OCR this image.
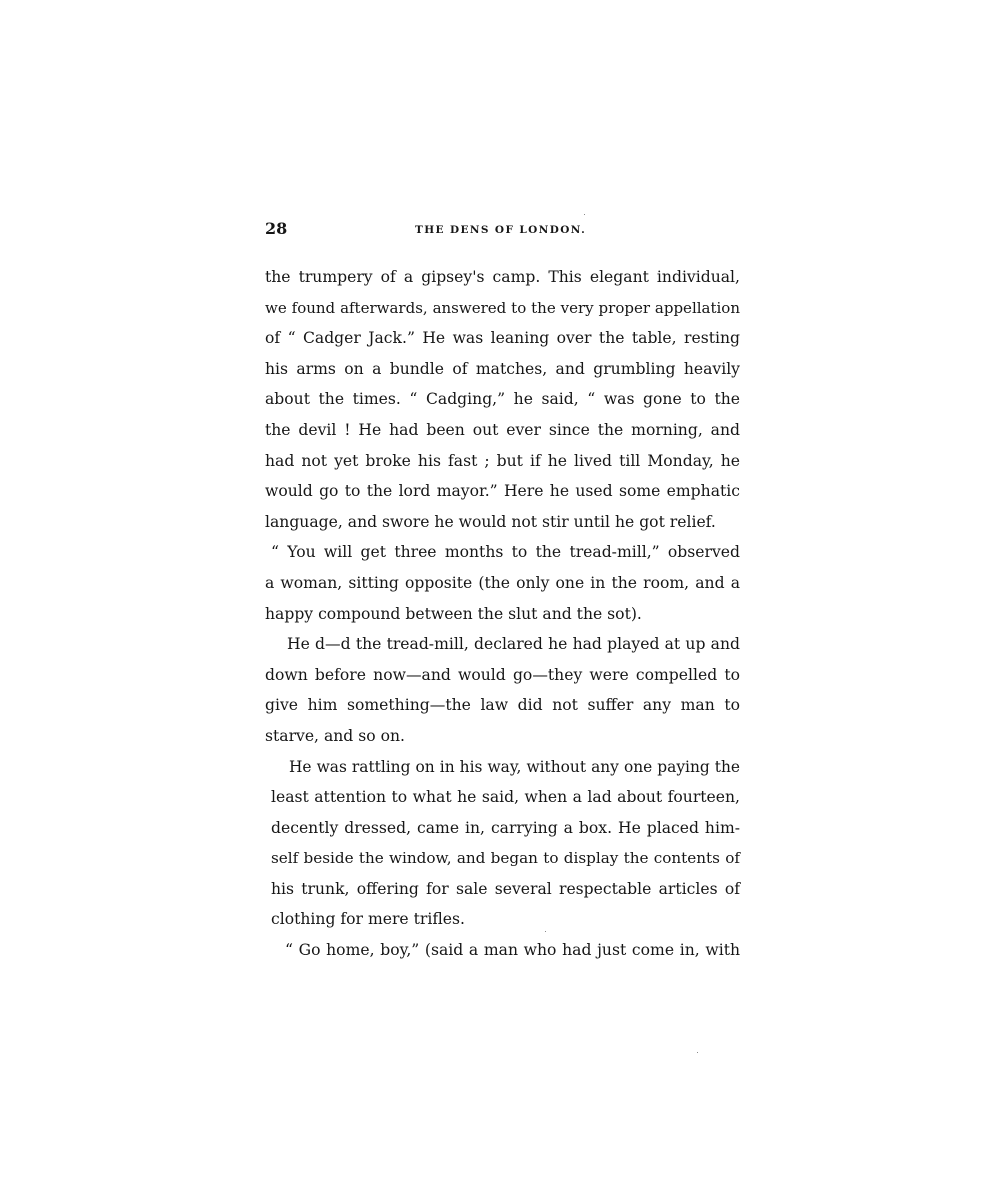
28	THE DENS OF LONDON.
the trumpery of a gipsey's camp. This elegant individual,
we found afterwards, answered to the very proper appellation
of “ Cadger Jack.” He was leaning over the table, resting
his arms on a bundle of matches, and grumbling heavily
about the times. “ Cadging,” he said, “ was gone to the
the devil ! He had been out ever since the morning, and
had not yet broke his fast ; but if he lived till Monday, he
would go to the lord mayor.” Here he used some emphatic
language, and swore he would not stir until he got relief.
“ You will get three months to the tread-mill,” observed
a woman, sitting opposite (the only one in the room, and a
happy compound between the slut and the sot).
He d—d the tread-mill, declared he had played at up and
down before now—and would go—they were compelled to
give him something—the law did not suffer any man to
starve, and so on.
He was rattling on in his way, without any one paying the
least attention to what he said, when a lad about fourteen,
decently dressed, came in, carrying a box. He placed him-
self beside the window, and began to display the contents of
his trunk, offering for sale several respectable articles of
clothing for mere trifles.
“ Go home, boy,” (said a man who had just come in, with
